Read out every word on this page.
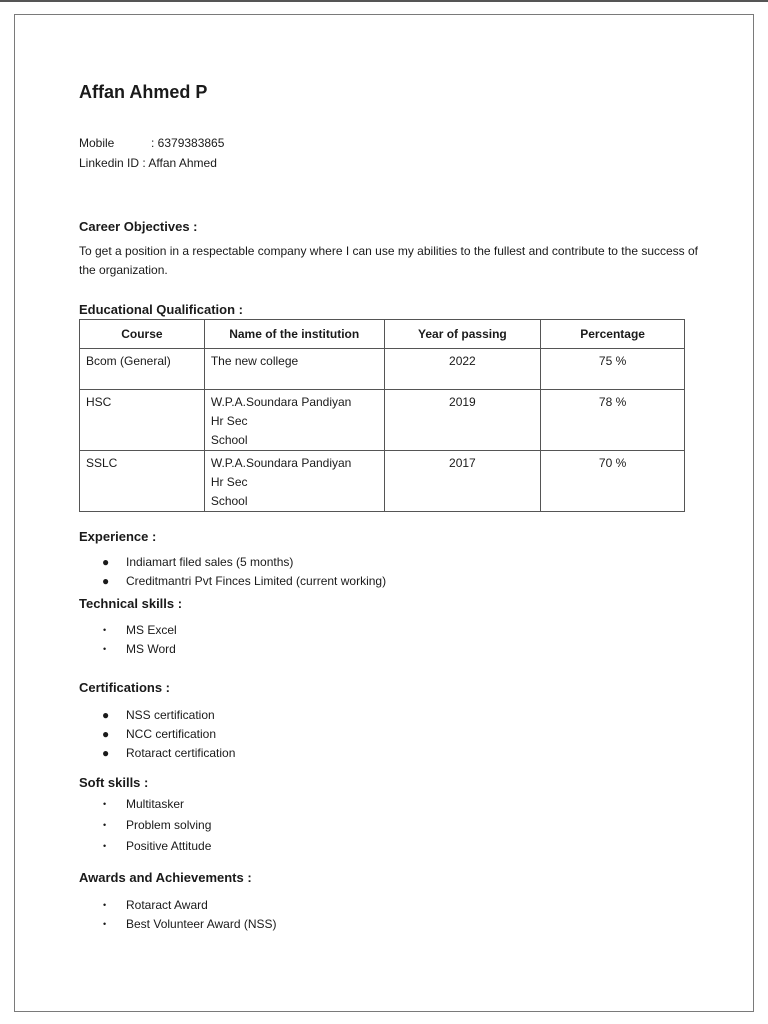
Affan Ahmed P
Mobile	: 6379383865
Linkedin ID : Affan Ahmed
Career Objectives :
To get a position in a respectable company where I can use my abilities to the fullest and contribute to the success of the organization.
Educational Qualification :
Course	Name of the institution	Year of passing	Percentage
Bcom (General)	The new college	2022	75 %
HSC	W.P.A.Soundara Pandiyan
Hr Sec
School	2019	78 %
SSLC	W.P.A.Soundara Pandiyan
Hr Sec
School	2017	70 %
Experience :
● Indiamart filed sales (5 months)
● Creditmantri Pvt Finces Limited (current working)
Technical skills :
• MS Excel
• MS Word
Certifications :
● NSS certification
● NCC certification
● Rotaract certification
Soft skills :
• Multitasker
• Problem solving
• Positive Attitude
Awards and Achievements :
• Rotaract Award
• Best Volunteer Award (NSS)
